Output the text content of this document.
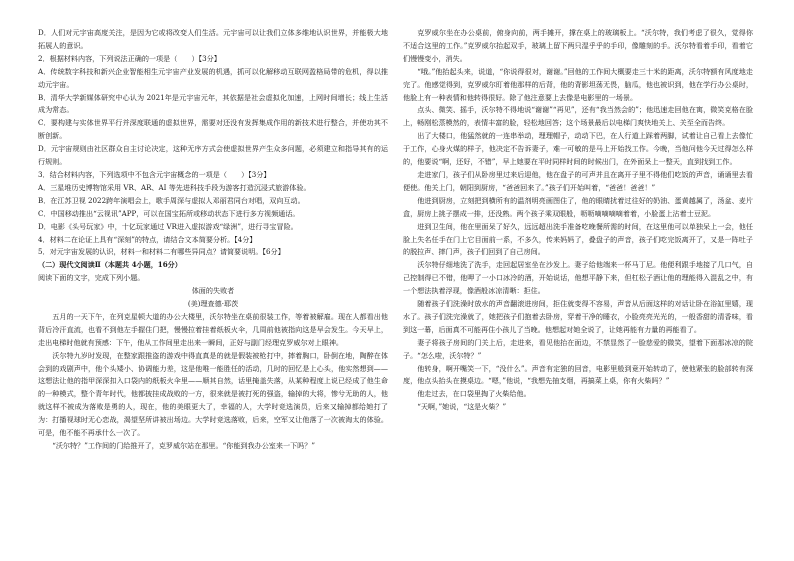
D．人们对元宇宙高度关注，是因为它或将改变人们生活。元宇宙可以让我们立体多维地认识世界，并能极大地拓展人的意识。

2．根据材料内容，下列说法正确的一项是（　　）【3分】

A．传统数字科技和新兴企业智能相生元宇宙产业发展的机遇，抓可以化解移动互联网盈格局带的危机，得以推动元宇宙。

B．清华大学新媒体研究中心认为 2021年是元宇宙元年，其依据是社会虚拟化加速，上网时间增长；线上生活成为常态。

C．要构建与实体世界平行并深度联通的虚拟世界，需要对还没有发挥集成作用的新技术进行整合，并使功其不断创新。

D．元宇宙规则由社区群众自主讨论决定，这种无序方式会使虚拟世界产生众多问题，必须建立和指导其有的运行规则。

3．结合材料内容，下列选项中不包含元宇宙概念的一项是（　　）【3分】

A．三星堆历史博物馆采用 VR、AR、AI 等先进科技手段为游客打造沉浸式旅游体验。

B．在江苏卫视 2022跨年演唱会上，歌手周深与虚拟人邓丽君同台对唱，双向互动。

C．中国移动推出“云视讯”APP，可以在国宝拓所或移动状态下进行多方视频通话。

D．电影《头号玩家》中，十亿玩家通过 VR进入虚拟游戏“绿洲”，进行寻宝冒险。

4．材料二在论证上具有“深刻”的特点，请结合文本简要分析。【4分】

5．对元宇宙发展的认识，材料一和材料二有哪些异同点？请简要说明。【6分】

（二）现代文阅读Ⅱ（本题共 4小题，16分）

阅读下面的文字，完成下列小题。

体面的失败者

(美)理查德·耶茨

五月的一天下午，在列克星顿大道的办公大楼里，沃尔特坐在桌前很装工作，等着被解雇。现在人都看出他背后冷汗直流，也看不到他左手握住门把，慢慢拉着挂着纸板火伞，几周前他被指向这是早会发生。今天早上，走出电梯时他就有预感：下午，他从工作间里走出来一瞬间，正好与副门经理克罗威尔对上眼神。

沃尔特九岁时发现，在整家跟推盗的游戏中得直真是的就是假装被枪打中，摔着胸口，卧倒在地，陶醉在体会到的戏剧声中，他个头矮小、协调能力差，这是他唯一能胜任的活动，几时的回忆是上心头，他实然想到——这想法让他的指甲深深扣入口袋内的纸板火伞里——顺其自然，话里掩盖失落，从某种程度上说已经成了他生命的一种模式，整个青年时代，他都披挂成战败的一方，很来就是被打死的强盗，输掉的大将，惨兮无助的人，他就这样不被成为落败是勇的人，现在，他的美眼更大了，幸福的人，大学时竞选演员，后来又输掉都给她打了为：打播视球时无心恋战，渴望坚所讲被出场边。大学时竞选落败，后来，空军又让他落了一次被淘太的体验。可是，他不能不再承什么一次了。

“沃尔特？”工作间的门给推开了，克罗威尔站在那里。“你能到我办公室来一下吗？”

克罗威尔坐在办公桌前，俯身向前，两手摊开，撑在桌上的玻璃板上。“沃尔特，我们考虑了很久，觉得你不适合这里的工作。”克罗威尔抬起双手，玻璃上留下两只湿乎乎的手印，像雕刻的手。沃尔特看着手印，看着它们慢慢变小，消失。

“哦。”他抬起头来，说道，“你说得很对，谢谢。”回他的工作间大概要走三十米的距离，沃尔特额有风度地走完了。他感觉得到，克罗威尔盯着他那样的后背，他的背影坦荡无畏，脑瓜，他也被识到，他在学行办公桌时，他脸上有一种表情和他转得很好。除了他注意要上去像是电影里的一场景。

点头、微笑、摇手，沃尔特不得地说“谢谢”“再见”，还有“我当然会的”；他迅速走回他在寓，微笑克格在脸上，畅刚松蒸模然的，表情丰富的脸，轻松地回答；这个场景最后以电梯门爽快地关上、关至全而告终。

出了大楼口，他猛然就的一连串举动，理理帽子，动动下巴，在人行道上踩着两脚，试着让自己看上去像忙于工作，心身火煤的样子，他决定不告诉妻子，难一可敏的是马上开始找工作。今晚，当他问他今天过得怎么样的，他要说“啊，还好，不错”，早上她要在平时同样时间的时候出门，在外面呆上一整天，直到找到工作。

走进家门，孩子们从卧房里过来后迎他，他在盘子的可声并且在离开子里不得他们吃饭的声音，诵诵里去看便使。他关上门，朝阳到厨房，“爸爸回来了。”孩子们开始叫着，“爸爸！爸爸！”

他进到厨房，立刻把到横所有的温剂明亮画图住了，他的眼睛扰着过往好的奶油、蛋黄越属了，汤盆、麦片盒，厨房上挑子摆成一排，还没熟。两个孩子乘双眼般，呖呖嘀嘀嘀嘀着着，小脸蛋上沾着士豆泥。

进到卫生间，他在里面呆了好久，远远超出洗手准备吃晚餐所需的时间，在这里他可以单独呆上一会，他任脸上失名任手在门上它目面前一系，不多久，传来妈妈了，叠盘子的声音，孩子们吃完饭离开了，又是一阵吐子的脱拉声、摔门声，孩子们回到了自己房间。

沃尔特仔细地洗了洗手，走回起居室坐在沙发上。妻子给他端来一杯马丁尼。他便利跟手地接了几口气，自己控制得已不错，他呷了一小口冰冷的酒，开始说话，他想平静下来，但杠松子酒让他的理能得入混乱之中，有一个想法执着浮现，像酒般冰凉清晰：拒住。

随着孩子们洗澡时放水的声音翻滚进房间，拒住就变得不容易，声音从后面这样的对话让卧在浴缸里嬉，现水了。孩子们洗完澡就了，她把孩子们抱着去卧房，穿着干净的睡衣，小脸亮亮光光的，一般香甜的清香味，看到这一幕，后面真不可能再住小孩儿了当晚。他想起对她全说了，让她再能有力量的再能看了。

妻子将孩子房间的门关上后，走进来，看见他抬在面边，不禁显然了一脸慈爱的微笑，望着下面那冰凉的院子。“怎么啦，沃尔特？”

他转身，啊开嘴笑一下，“没什么”。声音有定独的回音，电影里般到竟开始转动了，使他紧张的脸部转有深度，他点头抬头在摸桌边。“嗯，”他说，“我想先抽支烟，再搞菜上桌，你有火柴吗？”

他走过去，在口袋里掏了火柴给他。

“天啊，”她说，“这是火柴？”
